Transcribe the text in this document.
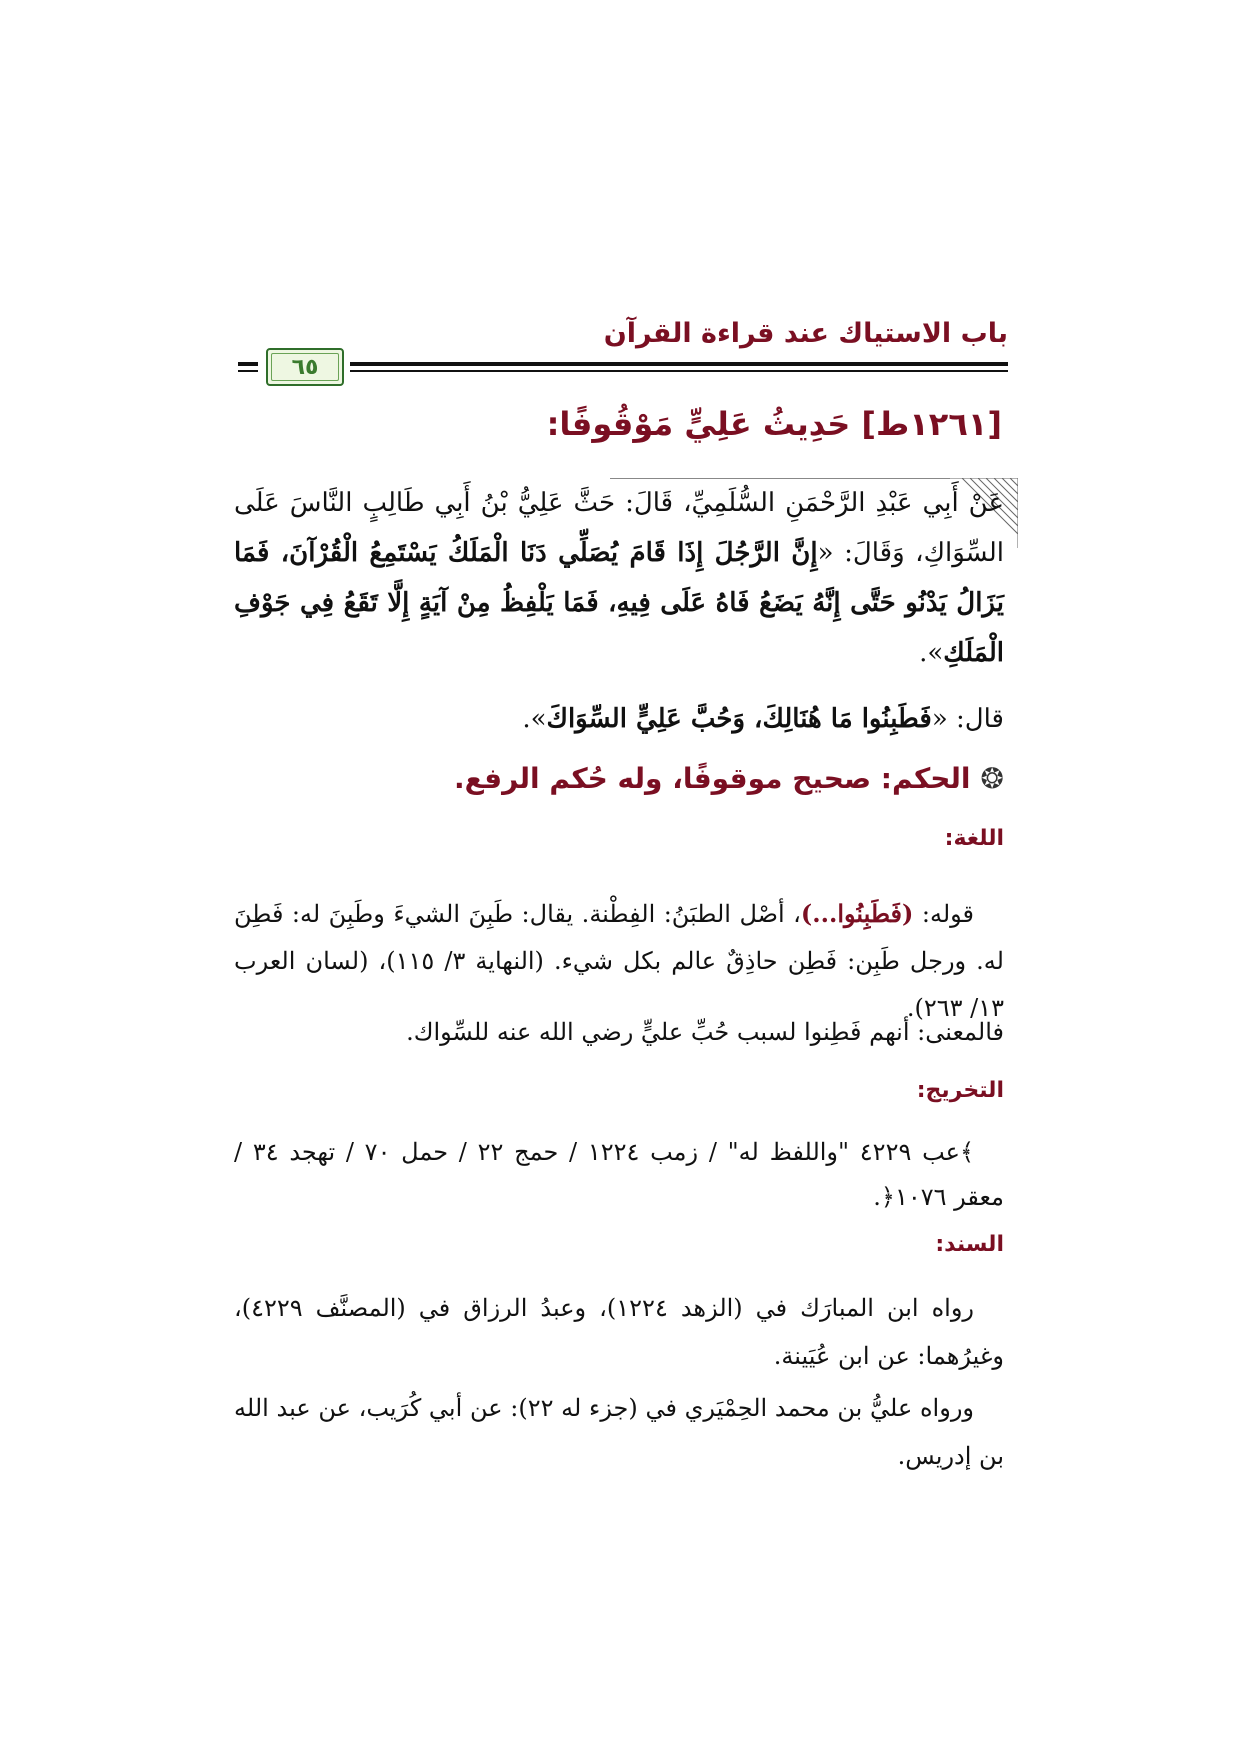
باب الاستياك عند قراءة القرآن
٦٥
[١٢٦١ط] حَدِيثُ عَلِيٍّ مَوْقُوفًا:
عَنْ أَبِي عَبْدِ الرَّحْمَنِ السُّلَمِيِّ، قَالَ: حَثَّ عَلِيُّ بْنُ أَبِي طَالِبٍ النَّاسَ عَلَى السِّوَاكِ، وَقَالَ: «إِنَّ الرَّجُلَ إِذَا قَامَ يُصَلِّي دَنَا الْمَلَكُ يَسْتَمِعُ الْقُرْآنَ، فَمَا يَزَالُ يَدْنُو حَتَّى إِنَّهُ يَضَعُ فَاهُ عَلَى فِيهِ، فَمَا يَلْفِظُ مِنْ آيَةٍ إِلَّا تَقَعُ فِي جَوْفِ الْمَلَكِ».
قال: «فَطَبِنُوا مَا هُنَالِكَ، وَحُبَّ عَلِيٍّ السِّوَاكَ».
❂الحكم: صحيح موقوفًا، وله حُكم الرفع.
اللغة:
قوله: (فَطَبِنُوا...)، أصْل الطبَنُ: الفِطْنة. يقال: طَبِنَ الشيءَ وطَبِنَ له: فَطِنَ له. ورجل طَبِن: فَطِن حاذِقٌ عالم بكل شيء. (النهاية ٣/ ١١٥)، (لسان العرب ١٣/ ٢٦٣).
فالمعنى: أنهم فَطِنوا لسبب حُبِّ عليٍّ رضي الله عنه للسِّواك.
التخريج:
﴾عب ٤٢٢٩ "واللفظ له" / زمب ١٢٢٤ / حمج ٢٢ / حمل ٧٠ / تهجد ٣٤ / معقر ١٠٧٦﴿.
السند:
رواه ابن المبارَك في (الزهد ١٢٢٤)، وعبدُ الرزاق في (المصنَّف ٤٢٢٩)، وغيرُهما: عن ابن عُيَينة.
ورواه عليُّ بن محمد الحِمْيَري في (جزء له ٢٢): عن أبي كُرَيب، عن عبد الله بن إدريس.
